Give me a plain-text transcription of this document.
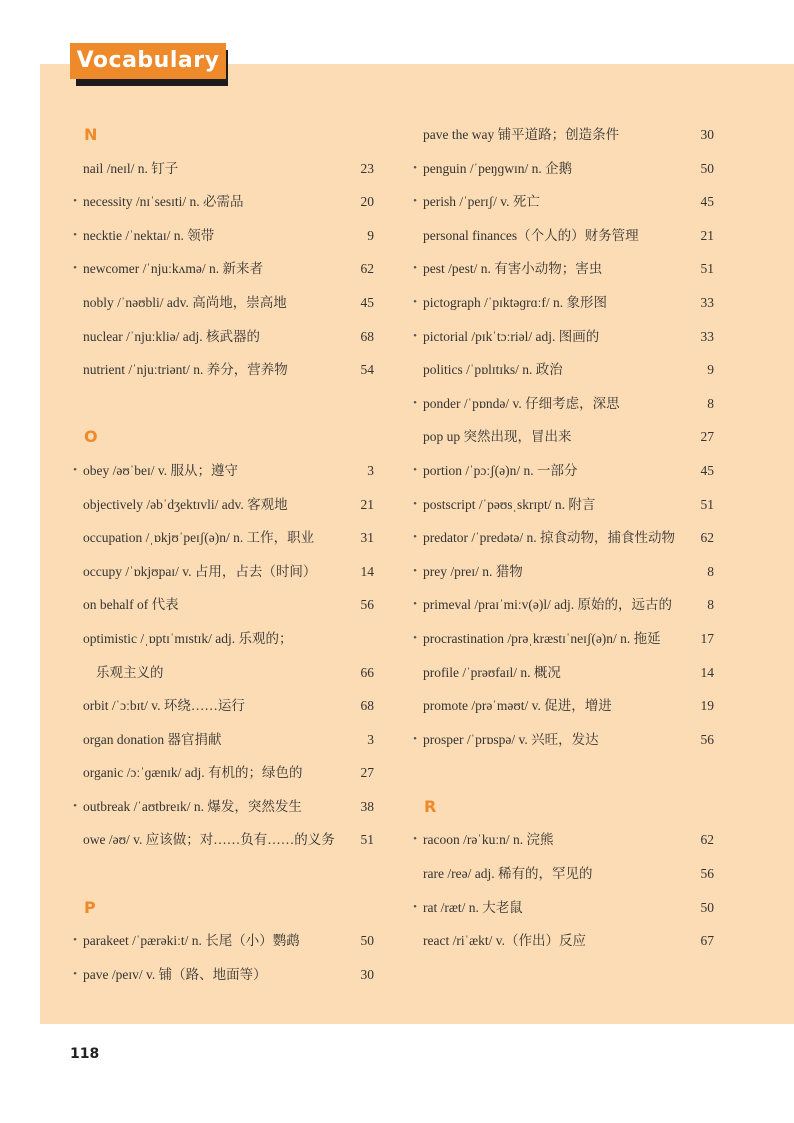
Vocabulary
N
nail /neɪl/ n. 钉子	23
• necessity /nɪˈsesɪti/ n. 必需品	20
• necktie /ˈnektaɪ/ n. 领带	9
• newcomer /ˈnjuːkʌmə/ n. 新来者	62
nobly /ˈnəʊbli/ adv. 高尚地，崇高地	45
nuclear /ˈnjuːkliə/ adj. 核武器的	68
nutrient /ˈnjuːtriənt/ n. 养分，营养物	54
O
• obey /əʊˈbeɪ/ v. 服从；遵守	3
objectively /əbˈdʒektɪvli/ adv. 客观地	21
occupation /ˌɒkjʊˈpeɪʃ(ə)n/ n. 工作，职业	31
occupy /ˈɒkjʊpaɪ/ v. 占用，占去（时间）	14
on behalf of 代表	56
optimistic /ˌɒptɪˈmɪstɪk/ adj. 乐观的；
乐观主义的	66
orbit /ˈɔːbɪt/ v. 环绕……运行	68
organ donation 器官捐献	3
organic /ɔːˈɡænɪk/ adj. 有机的；绿色的	27
• outbreak /ˈaʊtbreɪk/ n. 爆发，突然发生	38
owe /əʊ/ v. 应该做；对……负有……的义务 51
P
• parakeet /ˈpærəkiːt/ n. 长尾（小）鹦鹉	50
• pave /peɪv/ v. 铺（路、地面等）	30
pave the way 铺平道路；创造条件	30
• penguin /ˈpeŋɡwɪn/ n. 企鹅	50
• perish /ˈperɪʃ/ v. 死亡	45
personal finances（个人的）财务管理	21
• pest /pest/ n. 有害小动物；害虫	51
• pictograph /ˈpɪktəɡrɑːf/ n. 象形图	33
• pictorial /pɪkˈtɔːriəl/ adj. 图画的	33
politics /ˈpɒlɪtɪks/ n. 政治	9
• ponder /ˈpɒndə/ v. 仔细考虑，深思	8
pop up 突然出现，冒出来	27
• portion /ˈpɔːʃ(ə)n/ n. 一部分	45
• postscript /ˈpəʊsˌskrɪpt/ n. 附言	51
• predator /ˈpredətə/ n. 掠食动物，捕食性动物 62
• prey /preɪ/ n. 猎物	8
• primeval /praɪˈmiːv(ə)l/ adj. 原始的，远古的	8
• procrastination /prəˌkræstɪˈneɪʃ(ə)n/ n. 拖延	17
profile /ˈprəʊfaɪl/ n. 概况	14
promote /prəˈməʊt/ v. 促进，增进	19
• prosper /ˈprɒspə/ v. 兴旺，发达	56
R
• racoon /rəˈkuːn/ n. 浣熊	62
rare /reə/ adj. 稀有的，罕见的	56
• rat /ræt/ n. 大老鼠	50
react /riˈækt/ v.（作出）反应	67
118
